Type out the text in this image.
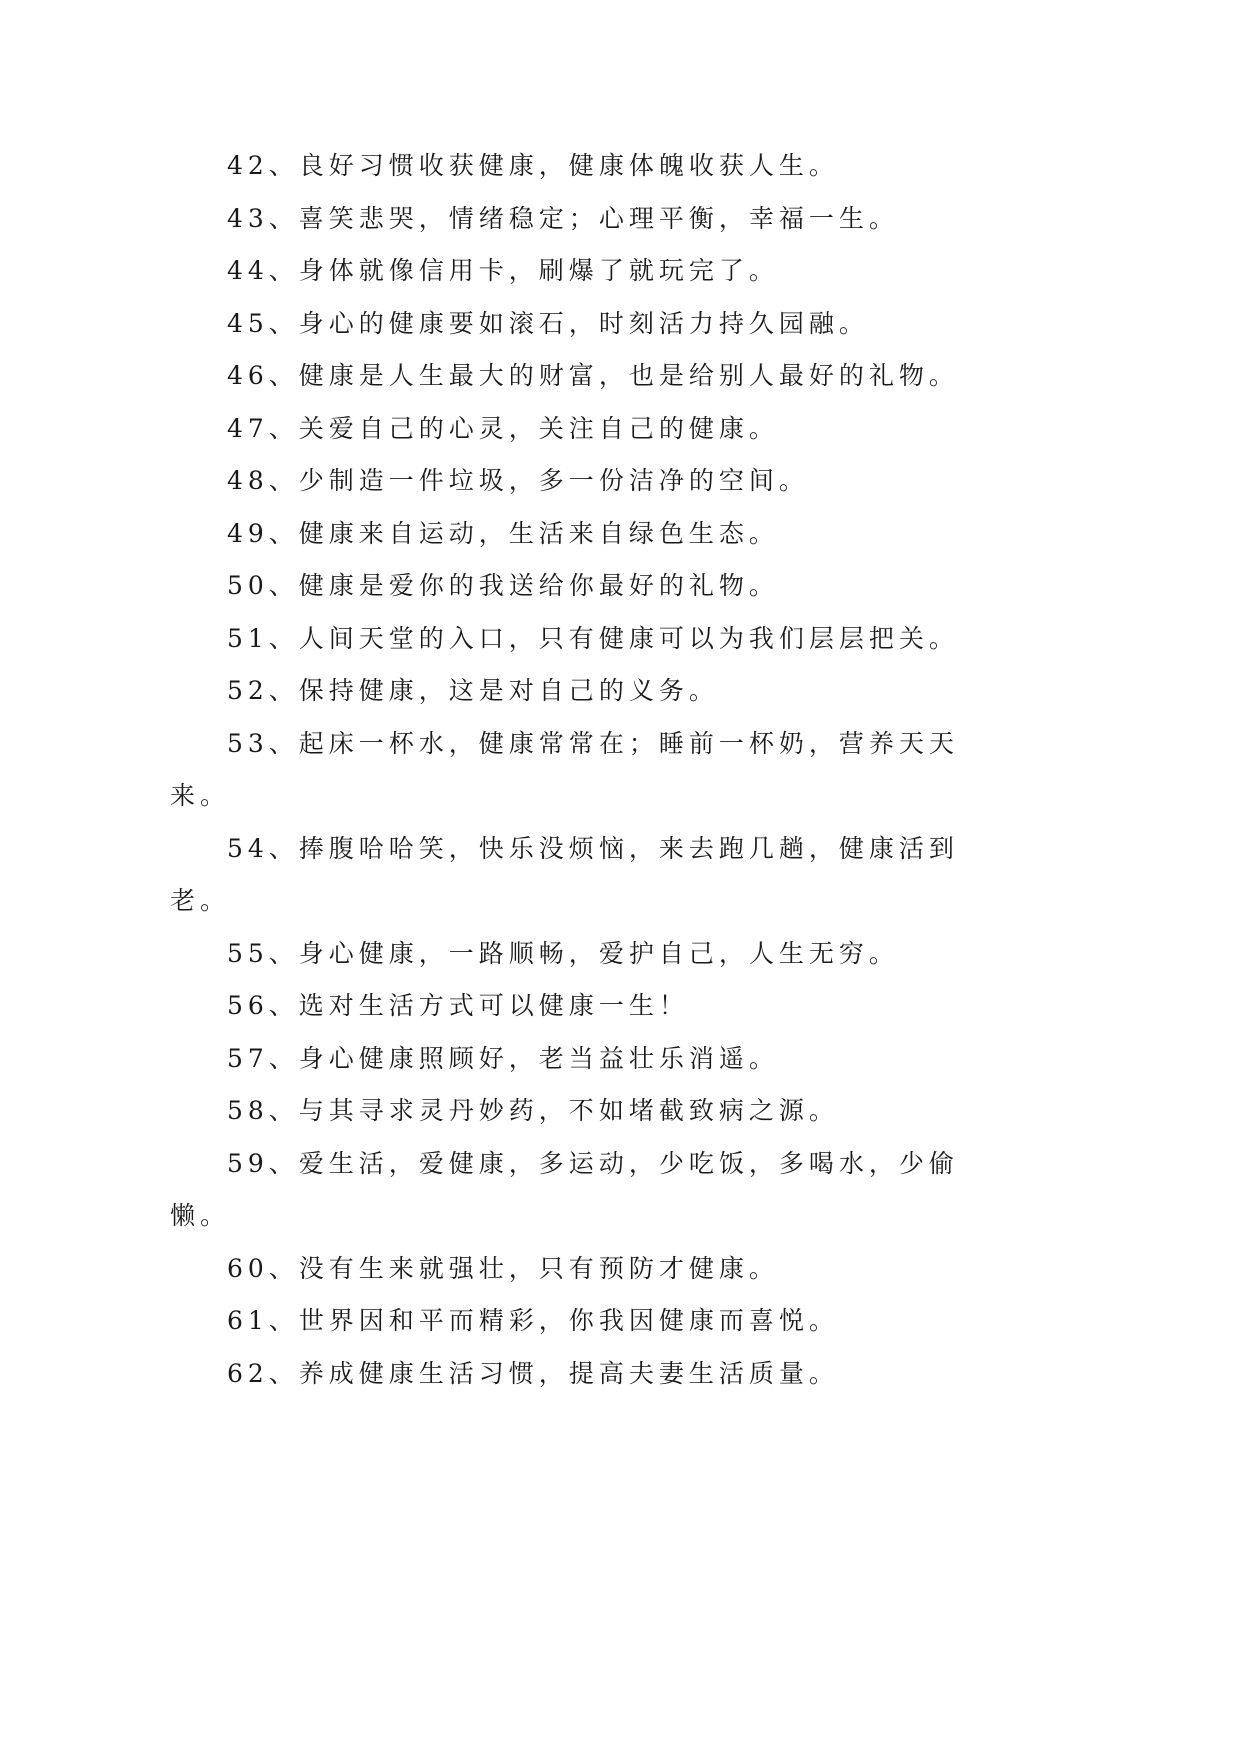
42、良好习惯收获健康，健康体魄收获人生。

43、喜笑悲哭，情绪稳定；心理平衡，幸福一生。

44、身体就像信用卡，刷爆了就玩完了。

45、身心的健康要如滚石，时刻活力持久园融。

46、健康是人生最大的财富，也是给别人最好的礼物。

47、关爱自己的心灵，关注自己的健康。

48、少制造一件垃圾，多一份洁净的空间。

49、健康来自运动，生活来自绿色生态。

50、健康是爱你的我送给你最好的礼物。

51、人间天堂的入口，只有健康可以为我们层层把关。

52、保持健康，这是对自己的义务。

53、起床一杯水，健康常常在；睡前一杯奶，营养天天来。

54、捧腹哈哈笑，快乐没烦恼，来去跑几趟，健康活到老。

55、身心健康，一路顺畅，爱护自己，人生无穷。

56、选对生活方式可以健康一生！

57、身心健康照顾好，老当益壮乐消遥。

58、与其寻求灵丹妙药，不如堵截致病之源。

59、爱生活，爱健康，多运动，少吃饭，多喝水，少偷懒。

60、没有生来就强壮，只有预防才健康。

61、世界因和平而精彩，你我因健康而喜悦。

62、养成健康生活习惯，提高夫妻生活质量。
